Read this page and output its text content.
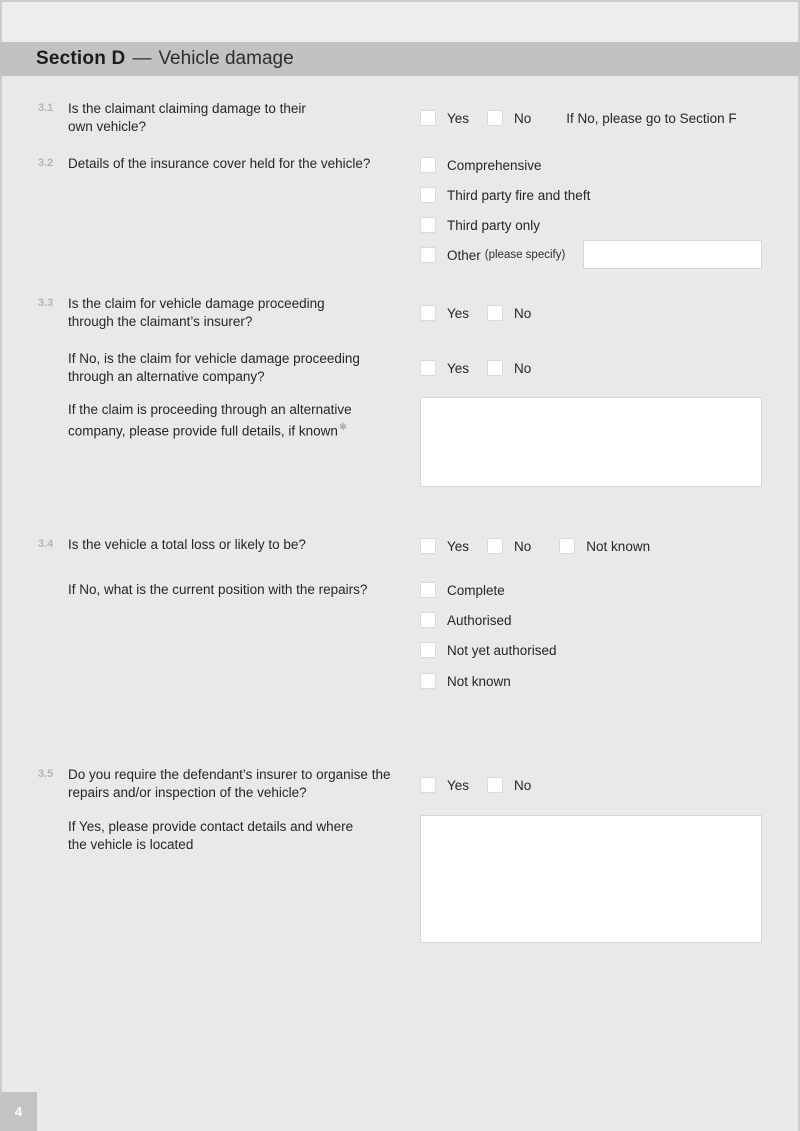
Section D — Vehicle damage
3.1 Is the claimant claiming damage to their own vehicle?
Yes	No	If No, please go to Section F
3.2 Details of the insurance cover held for the vehicle?	Comprehensive
Third party fire and theft
Third party only
Other (please specify)
3.3 Is the claim for vehicle damage proceeding through the claimant’s insurer?
Yes	No
If No, is the claim for vehicle damage proceeding through an alternative company?
Yes	No
If the claim is proceeding through an alternative company, please provide full details, if known✱
3.4 Is the vehicle a total loss or likely to be?	Yes	No	Not known
If No, what is the current position with the repairs?	Complete
Authorised
Not yet authorised
Not known
3.5 Do you require the defendant’s insurer to organise the repairs and/or inspection of the vehicle?	Yes	No
If Yes, please provide contact details and where the vehicle is located
4
